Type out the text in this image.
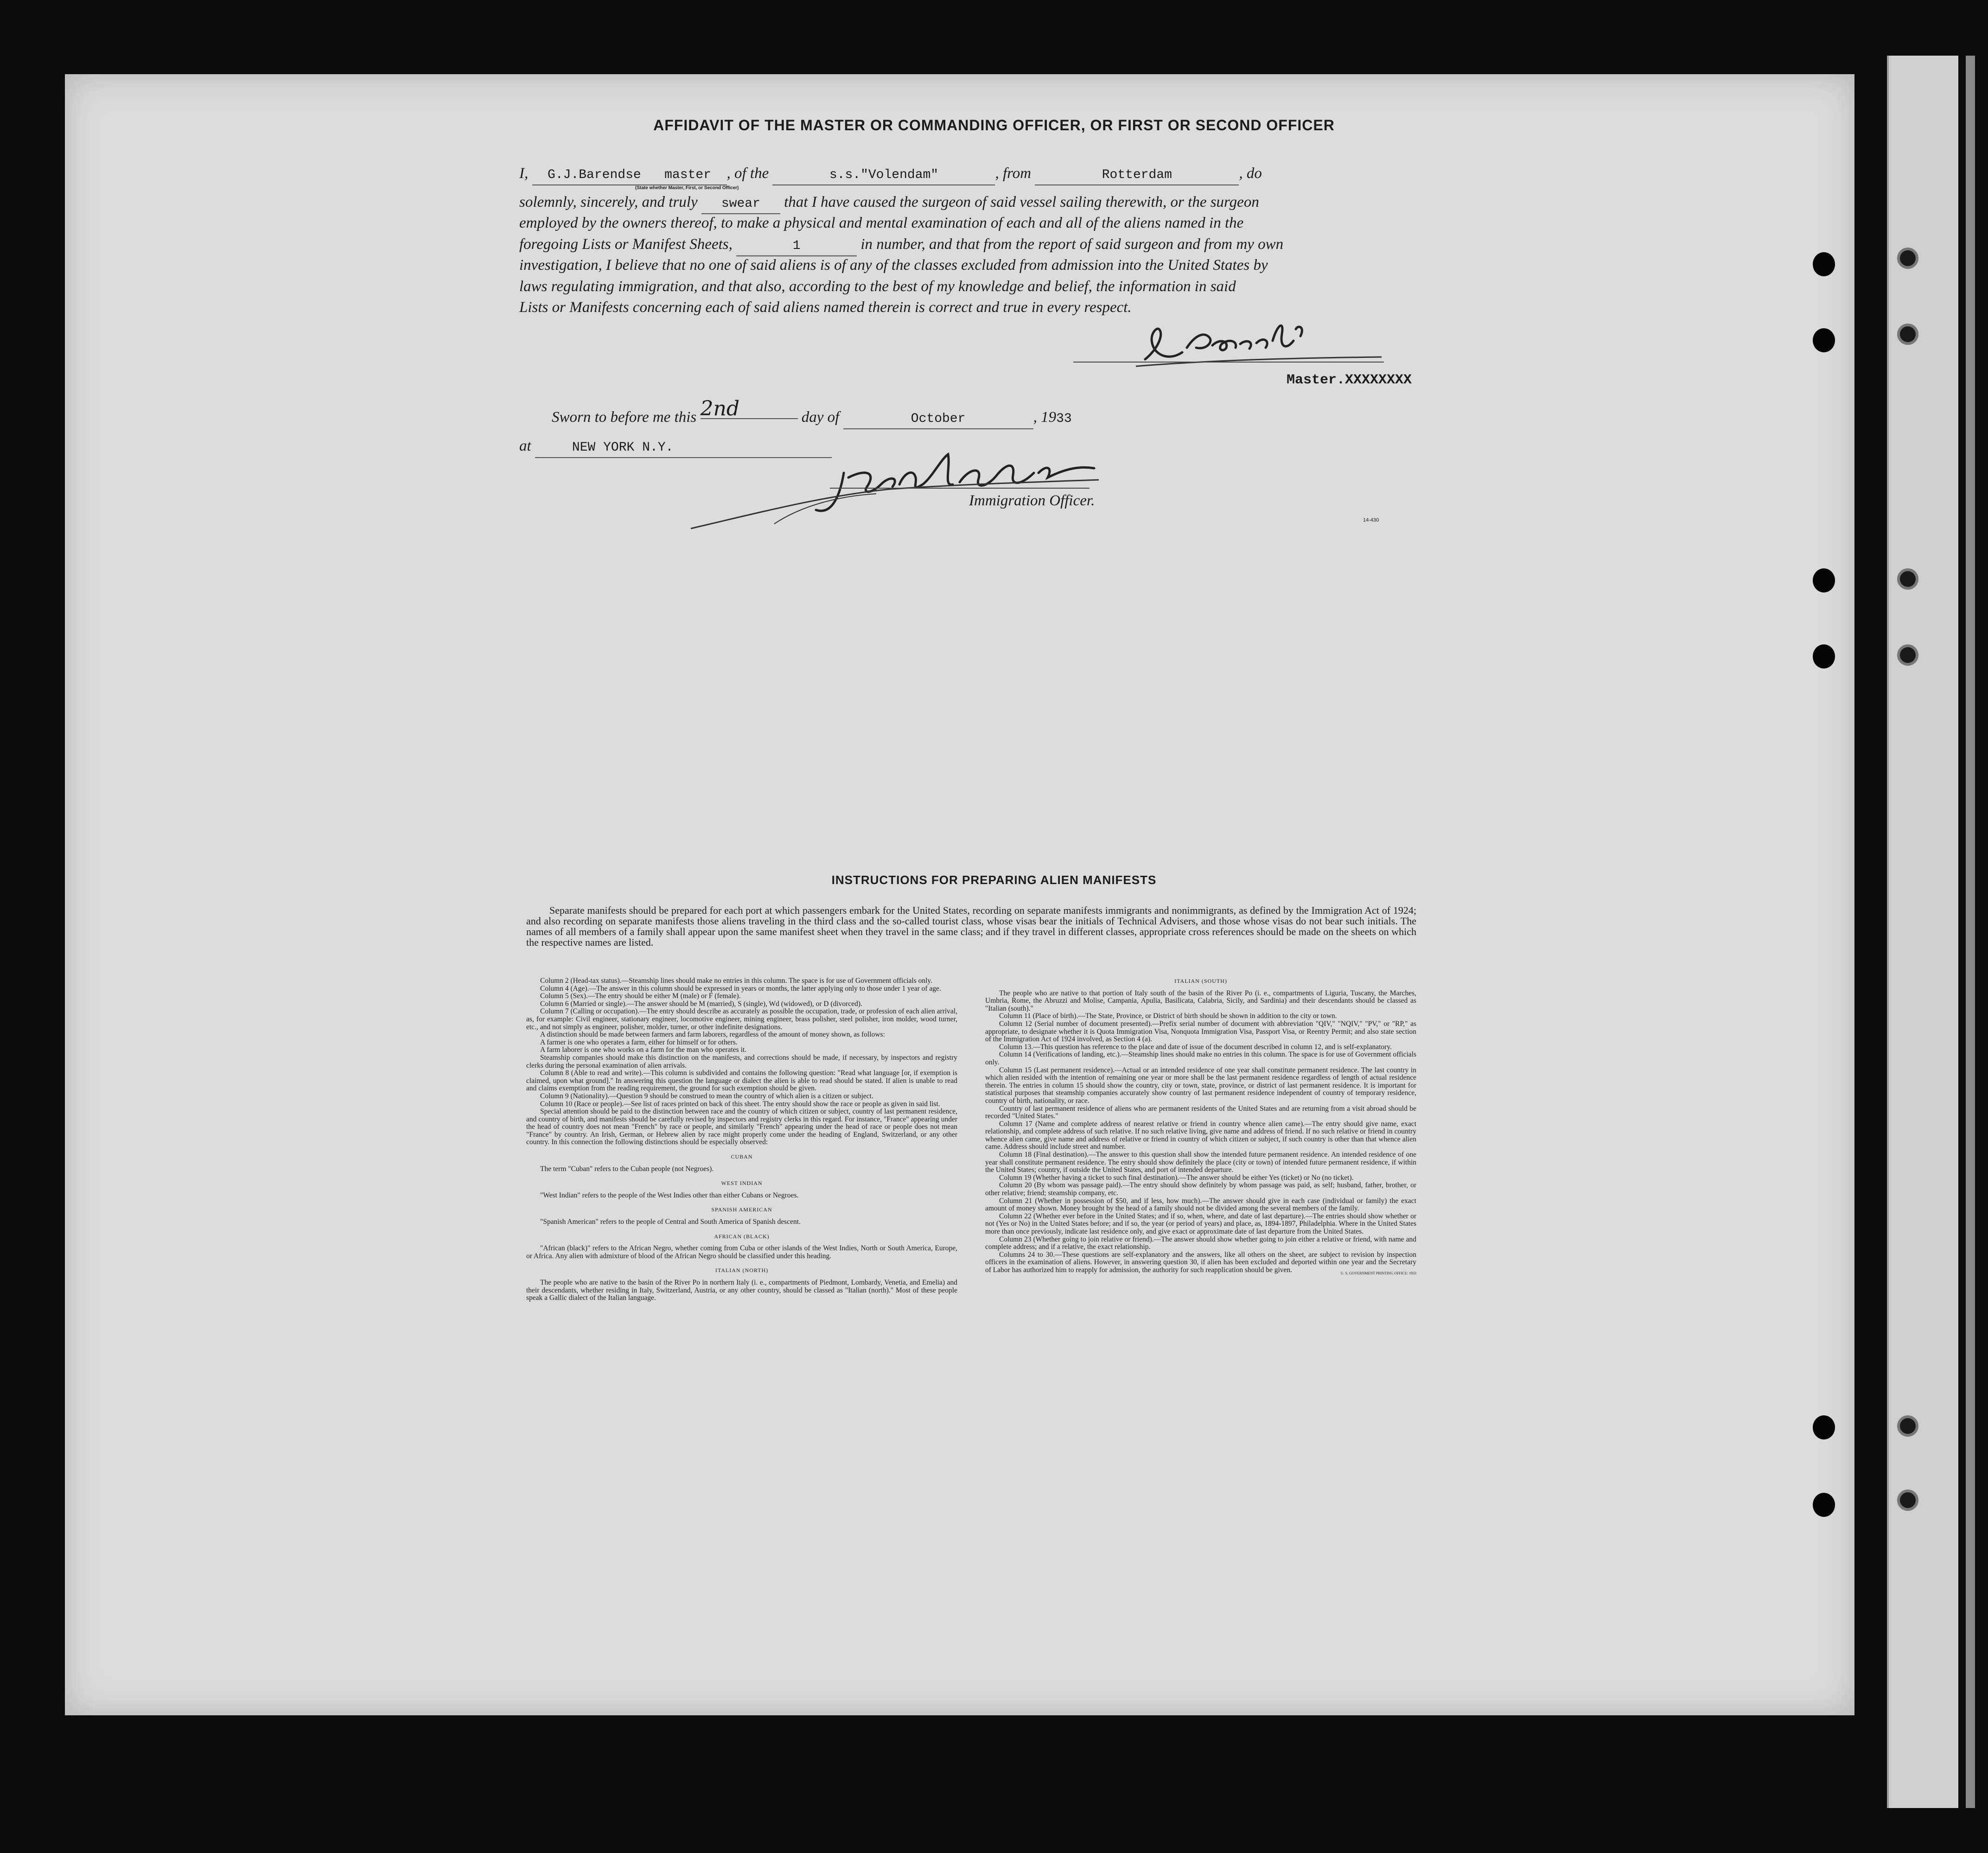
AFFIDAVIT OF THE MASTER OR COMMANDING OFFICER, OR FIRST OR SECOND OFFICER
I, G.J.Barendse master , of the	s.s."Volendam"	, from	Rotterdam	, do
(State whether Master, First, or Second Officer)
solemnly, sincerely, and truly swear that I have caused the surgeon of said vessel sailing therewith, or the surgeon
employed by the owners thereof, to make a physical and mental examination of each and all of the aliens named in the
foregoing Lists or Manifest Sheets,	1	in number, and that from the report of said surgeon and from my own
investigation, I believe that no one of said aliens is of any of the classes excluded from admission into the United States by
laws regulating immigration, and that also, according to the best of my knowledge and belief, the information in said
Lists or Manifests concerning each of said aliens named therein is correct and true in every respect.
Master.XXXXXXXX
Sworn to before me this 2nd	day of	October	, 1933
at	NEW YORK N.Y.
Immigration Officer.
14-430
INSTRUCTIONS FOR PREPARING ALIEN MANIFESTS
Separate manifests should be prepared for each port at which passengers embark for the United States, recording on separate manifests immigrants and nonimmigrants, as defined by the Immigration Act of 1924; and also recording on separate manifests those aliens traveling in the third class and the so-called tourist class, whose visas bear the initials of Technical Advisers, and those whose visas do not bear such initials. The names of all members of a family shall appear upon the same manifest sheet when they travel in the same class; and if they travel in different classes, appropriate cross references should be made on the sheets on which the respective names are listed.

Column 2 (Head-tax status).—Steamship lines should make no entries in this column. The space is for use of Government officials only.

Column 4 (Age).—The answer in this column should be expressed in years or months, the latter applying only to those under 1 year of age.

Column 5 (Sex).—The entry should be either M (male) or F (female).

Column 6 (Married or single).—The answer should be M (married), S (single), Wd (widowed), or D (divorced).

Column 7 (Calling or occupation).—The entry should describe as accurately as possible the occupation, trade, or profession of each alien arrival, as, for example: Civil engineer, stationary engineer, locomotive engineer, mining engineer, brass polisher, steel polisher, iron molder, wood turner, etc., and not simply as engineer, polisher, molder, turner, or other indefinite designations.

A distinction should be made between farmers and farm laborers, regardless of the amount of money shown, as follows:

A farmer is one who operates a farm, either for himself or for others.

A farm laborer is one who works on a farm for the man who operates it.

Steamship companies should make this distinction on the manifests, and corrections should be made, if necessary, by inspectors and registry clerks during the personal examination of alien arrivals.

Column 8 (Able to read and write).—This column is subdivided and contains the following question: "Read what language [or, if exemption is claimed, upon what ground]." In answering this question the language or dialect the alien is able to read should be stated. If alien is unable to read and claims exemption from the reading requirement, the ground for such exemption should be given.

Column 9 (Nationality).—Question 9 should be construed to mean the country of which alien is a citizen or subject.

Column 10 (Race or people).—See list of races printed on back of this sheet. The entry should show the race or people as given in said list.

Special attention should be paid to the distinction between race and the country of which citizen or subject, country of last permanent residence, and country of birth, and manifests should be carefully revised by inspectors and registry clerks in this regard. For instance, "France" appearing under the head of country does not mean "French" by race or people, and similarly "French" appearing under the head of race or people does not mean "France" by country. An Irish, German, or Hebrew alien by race might properly come under the heading of England, Switzerland, or any other country. In this connection the following distinctions should be especially observed:

CUBAN

The term "Cuban" refers to the Cuban people (not Negroes).

WEST INDIAN

"West Indian" refers to the people of the West Indies other than either Cubans or Negroes.

SPANISH AMERICAN

"Spanish American" refers to the people of Central and South America of Spanish descent.

AFRICAN (BLACK)

"African (black)" refers to the African Negro, whether coming from Cuba or other islands of the West Indies, North or South America, Europe, or Africa. Any alien with admixture of blood of the African Negro should be classified under this heading.

ITALIAN (NORTH)

The people who are native to the basin of the River Po in northern Italy (i. e., compartments of Piedmont, Lombardy, Venetia, and Emelia) and their descendants, whether residing in Italy, Switzerland, Austria, or any other country, should be classed as "Italian (north)." Most of these people speak a Gallic dialect of the Italian language.

ITALIAN (SOUTH)

The people who are native to that portion of Italy south of the basin of the River Po (i. e., compartments of Liguria, Tuscany, the Marches, Umbria, Rome, the Abruzzi and Molise, Campania, Apulia, Basilicata, Calabria, Sicily, and Sardinia) and their descendants should be classed as "Italian (south)."

Column 11 (Place of birth).—The State, Province, or District of birth should be shown in addition to the city or town.

Column 12 (Serial number of document presented).—Prefix serial number of document with abbreviation "QIV," "NQIV," "PV," or "RP," as appropriate, to designate whether it is Quota Immigration Visa, Nonquota Immigration Visa, Passport Visa, or Reentry Permit; and also state section of the Immigration Act of 1924 involved, as Section 4 (a).

Column 13.—This question has reference to the place and date of issue of the document described in column 12, and is self-explanatory.

Column 14 (Verifications of landing, etc.).—Steamship lines should make no entries in this column. The space is for use of Government officials only.

Column 15 (Last permanent residence).—Actual or an intended residence of one year shall constitute permanent residence. The last country in which alien resided with the intention of remaining one year or more shall be the last permanent residence regardless of length of actual residence therein. The entries in column 15 should show the country, city or town, state, province, or district of last permanent residence. It is important for statistical purposes that steamship companies accurately show country of last permanent residence independent of country of temporary residence, country of birth, nationality, or race.

Country of last permanent residence of aliens who are permanent residents of the United States and are returning from a visit abroad should be recorded "United States."

Column 17 (Name and complete address of nearest relative or friend in country whence alien came).—The entry should give name, exact relationship, and complete address of such relative. If no such relative living, give name and address of friend. If no such relative or friend in country whence alien came, give name and address of relative or friend in country of which citizen or subject, if such country is other than that whence alien came. Address should include street and number.

Column 18 (Final destination).—The answer to this question shall show the intended future permanent residence. An intended residence of one year shall constitute permanent residence. The entry should show definitely the place (city or town) of intended future permanent residence, if within the United States; country, if outside the United States, and port of intended departure.

Column 19 (Whether having a ticket to such final destination).—The answer should be either Yes (ticket) or No (no ticket).

Column 20 (By whom was passage paid).—The entry should show definitely by whom passage was paid, as self; husband, father, brother, or other relative; friend; steamship company, etc.

Column 21 (Whether in possession of $50, and if less, how much).—The answer should give in each case (individual or family) the exact amount of money shown. Money brought by the head of a family should not be divided among the several members of the family.

Column 22 (Whether ever before in the United States; and if so, when, where, and date of last departure).—The entries should show whether or not (Yes or No) in the United States before; and if so, the year (or period of years) and place, as, 1894-1897, Philadelphia. Where in the United States more than once previously, indicate last residence only, and give exact or approximate date of last departure from the United States.

Column 23 (Whether going to join relative or friend).—The answer should show whether going to join either a relative or friend, with name and complete address; and if a relative, the exact relationship.

Columns 24 to 30.—These questions are self-explanatory and the answers, like all others on the sheet, are subject to revision by inspection officers in the examination of aliens. However, in answering question 30, if alien has been excluded and deported within one year and the Secretary of Labor has authorized him to reapply for admission, the authority for such reapplication should be given.	U. S. GOVERNMENT PRINTING OFFICE: 1933
